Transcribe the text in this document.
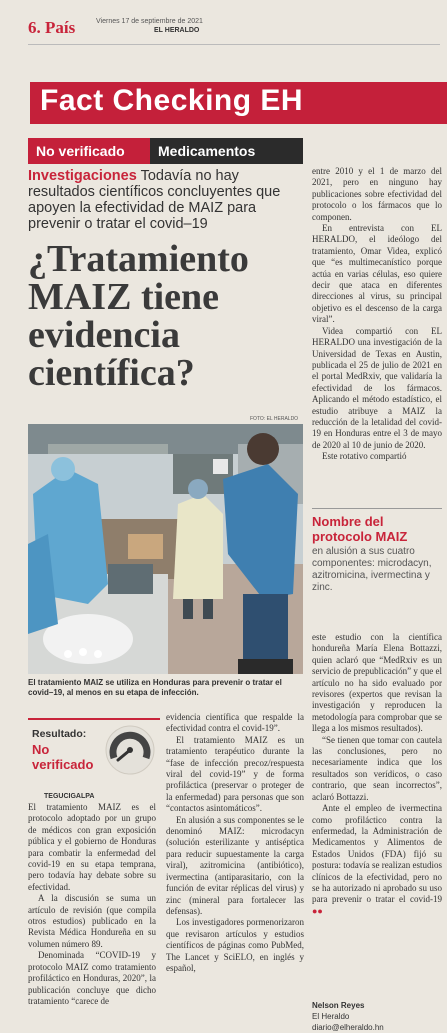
6. País	Viernes 17 de septiembre de 2021
EL HERALDO
Fact Checking EH
No verificado Medicamentos
Investigaciones Todavía no hay resultados científicos concluyentes que apoyen la efectividad de MAIZ para prevenir o tratar el covid–19
¿Tratamiento MAIZ tiene evidencia científica?
FOTO: EL HERALDO
El tratamiento MAIZ se utiliza en Honduras para prevenir o tratar el covid–19, al menos en su etapa de infección.
Resultado:
No
verificado
TEGUCIGALPA

El tratamiento MAIZ es el protocolo adoptado por un grupo de médicos con gran exposición pública y el gobierno de Honduras para combatir la enfermedad del covid-19 en su etapa temprana, pero todavía hay debate sobre su efectividad.

A la discusión se suma un artículo de revisión (que compila otros estudios) publicado en la Revista Médica Hondureña en su volumen número 89.

Denominada “COVID-19 y protocolo MAIZ como tratamiento profiláctico en Honduras, 2020”, la publicación concluye que dicho tratamiento “carece de

evidencia científica que respalde la efectividad contra el covid-19”.

El tratamiento MAIZ es un tratamiento terapéutico durante la “fase de infección precoz/respuesta viral del covid-19” y de forma profiláctica (preservar o proteger de la enfermedad) para personas que son “contactos asintomáticos”.

En alusión a sus componentes se le denominó MAIZ: microdacyn (solución esterilizante y antiséptica para reducir supuestamente la carga viral), azitromicina (antibiótico), ivermectina (antiparasitario, con la función de evitar réplicas del virus) y zinc (mineral para fortalecer las defensas).

Los investigadores pormenorizaron que revisaron artículos y estudios científicos de páginas como PubMed, The Lancet y SciELO, en inglés y español,

entre 2010 y el 1 de marzo del 2021, pero en ninguno hay publicaciones sobre efectividad del protocolo o los fármacos que lo componen.

En entrevista con EL HERALDO, el ideólogo del tratamiento, Omar Videa, explicó que “es multimecanístico porque actúa en varias células, eso quiere decir que ataca en diferentes direcciones al virus, su principal objetivo es el descenso de la carga viral”.

Videa compartió con EL HERALDO una investigación de la Universidad de Texas en Austin, publicada el 25 de julio de 2021 en el portal MedRxiv, que validaría la efectividad de los fármacos. Aplicando el método estadístico, el estudio atribuye a MAIZ la reducción de la letalidad del covid-19 en Honduras entre el 3 de mayo de 2020 al 10 de junio de 2020.

Este rotativo compartió

Nombre del protocolo MAIZ
en alusión a sus cuatro componentes: microdacyn, azitromicina, ivermectina y zinc.

este estudio con la científica hondureña María Elena Bottazzi, quien aclaró que “MedRxiv es un servicio de prepublicación” y que el artículo no ha sido evaluado por revisores (expertos que revisan la investigación y reproducen la metodología para comprobar que se llega a los mismos resultados).

“Se tienen que tomar con cautela las conclusiones, pero no necesariamente indica que los resultados son verídicos, o caso contrario, que sean incorrectos”, aclaró Bottazzi.

Ante el empleo de ivermectina como profiláctico contra la enfermedad, la Administración de Medicamentos y Alimentos de Estados Unidos (FDA) fijó su postura: todavía se realizan estudios clínicos de la efectividad, pero no se ha autorizado ni aprobado su uso para prevenir o tratar el covid-19 ●●

Nelson Reyes
El Heraldo
diario@elheraldo.hn
